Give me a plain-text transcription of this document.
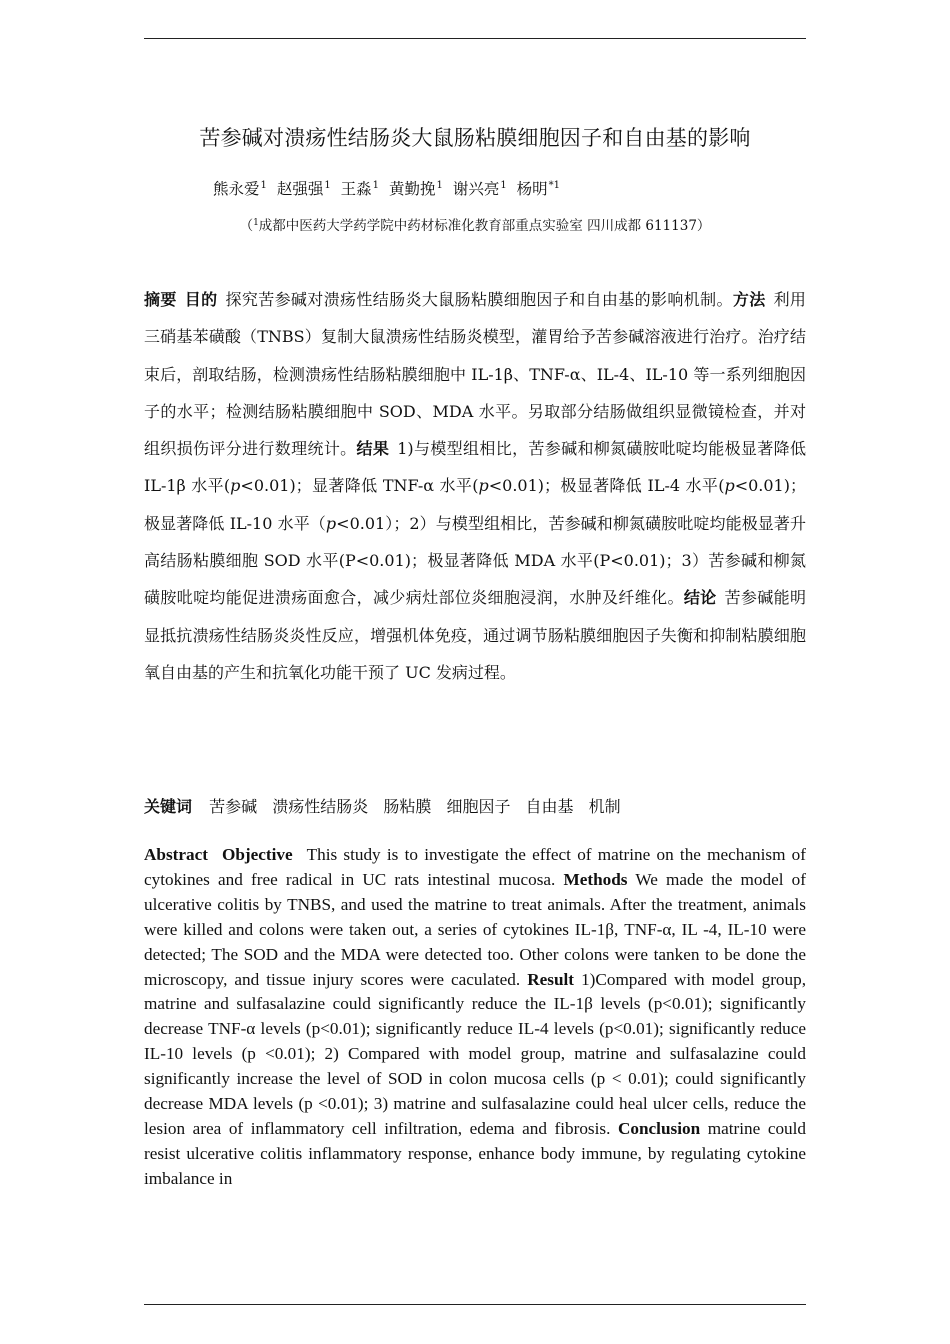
苦参碱对溃疡性结肠炎大鼠肠粘膜细胞因子和自由基的影响
熊永爱$^1$ 赵强强$^1$ 王淼$^1$ 黄勤挽$^1$ 谢兴亮$^1$ 杨明$^{*1}$
（$^1$成都中医药大学药学院中药材标准化教育部重点实验室 四川成都 611137）
摘要 目的 探究苦参碱对溃疡性结肠炎大鼠肠粘膜细胞因子和自由基的影响机制。方法 利用三硝基苯磺酸（TNBS）复制大鼠溃疡性结肠炎模型，灌胃给予苦参碱溶液进行治疗。治疗结束后，剖取结肠，检测溃疡性结肠粘膜细胞中 IL-1β、TNF-α、IL-4、IL-10 等一系列细胞因子的水平；检测结肠粘膜细胞中 SOD、MDA 水平。另取部分结肠做组织显微镜检查，并对组织损伤评分进行数理统计。结果 1)与模型组相比，苦参碱和柳氮磺胺吡啶均能极显著降低 IL-1β 水平(p<0.01)；显著降低 TNF-α 水平(p<0.01)；极显著降低 IL-4 水平(p<0.01)；极显著降低 IL-10 水平（p<0.01）；2）与模型组相比，苦参碱和柳氮磺胺吡啶均能极显著升高结肠粘膜细胞 SOD 水平(P<0.01)；极显著降低 MDA 水平(P<0.01)；3）苦参碱和柳氮磺胺吡啶均能促进溃疡面愈合，减少病灶部位炎细胞浸润，水肿及纤维化。结论 苦参碱能明显抵抗溃疡性结肠炎炎性反应，增强机体免疫，通过调节肠粘膜细胞因子失衡和抑制粘膜细胞氧自由基的产生和抗氧化功能干预了 UC 发病过程。
关键词 苦参碱 溃疡性结肠炎 肠粘膜 细胞因子 自由基 机制
Abstract Objective This study is to investigate the effect of matrine on the mechanism of cytokines and free radical in UC rats intestinal mucosa. Methods We made the model of ulcerative colitis by TNBS, and used the matrine to treat animals. After the treatment, animals were killed and colons were taken out, a series of cytokines IL-1β, TNF-α, IL -4, IL-10 were detected; The SOD and the MDA were detected too. Other colons were tanken to be done the microscopy, and tissue injury scores were caculated. Result 1)Compared with model group, matrine and sulfasalazine could significantly reduce the IL-1β levels (p<0.01); significantly decrease TNF-α levels (p<0.01); significantly reduce IL-4 levels (p<0.01); significantly reduce IL-10 levels (p <0.01); 2) Compared with model group, matrine and sulfasalazine could significantly increase the level of SOD in colon mucosa cells (p < 0.01); could significantly decrease MDA levels (p <0.01); 3) matrine and sulfasalazine could heal ulcer cells, reduce the lesion area of inflammatory cell infiltration, edema and fibrosis. Conclusion matrine could resist ulcerative colitis inflammatory response, enhance body immune, by regulating cytokine imbalance in
